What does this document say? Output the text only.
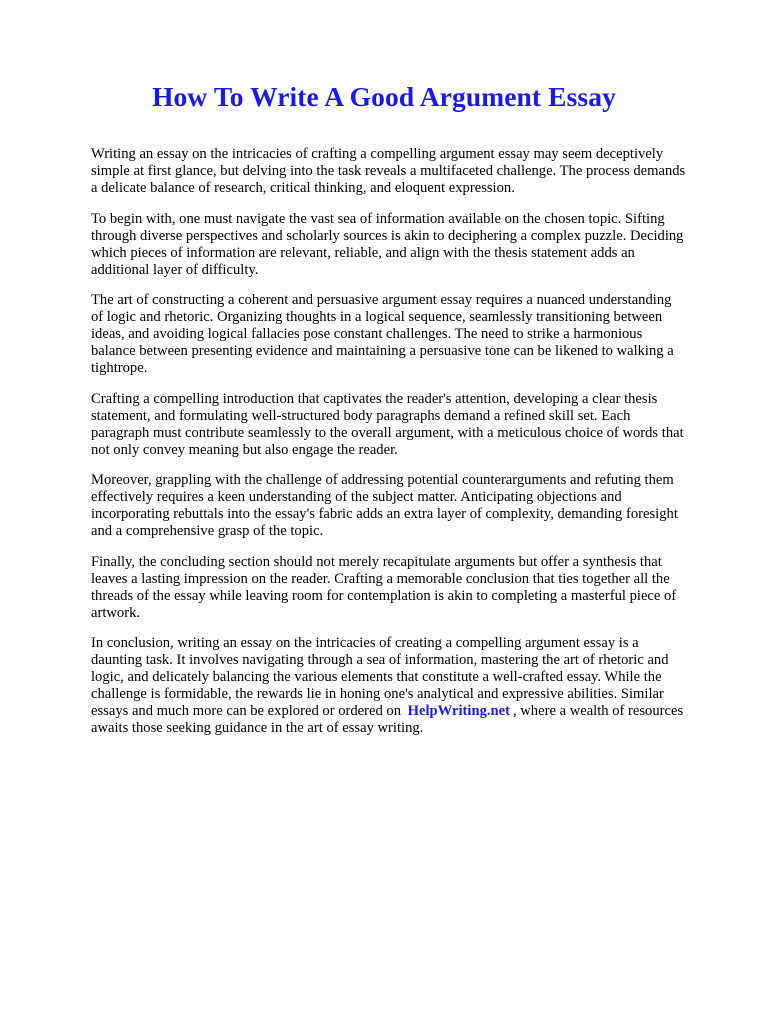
How To Write A Good Argument Essay

Writing an essay on the intricacies of crafting a compelling argument essay may seem deceptively
simple at first glance, but delving into the task reveals a multifaceted challenge. The process demands
a delicate balance of research, critical thinking, and eloquent expression.

To begin with, one must navigate the vast sea of information available on the chosen topic. Sifting
through diverse perspectives and scholarly sources is akin to deciphering a complex puzzle. Deciding
which pieces of information are relevant, reliable, and align with the thesis statement adds an
additional layer of difficulty.

The art of constructing a coherent and persuasive argument essay requires a nuanced understanding
of logic and rhetoric. Organizing thoughts in a logical sequence, seamlessly transitioning between
ideas, and avoiding logical fallacies pose constant challenges. The need to strike a harmonious
balance between presenting evidence and maintaining a persuasive tone can be likened to walking a
tightrope.

Crafting a compelling introduction that captivates the reader's attention, developing a clear thesis
statement, and formulating well-structured body paragraphs demand a refined skill set. Each
paragraph must contribute seamlessly to the overall argument, with a meticulous choice of words that
not only convey meaning but also engage the reader.

Moreover, grappling with the challenge of addressing potential counterarguments and refuting them
effectively requires a keen understanding of the subject matter. Anticipating objections and
incorporating rebuttals into the essay's fabric adds an extra layer of complexity, demanding foresight
and a comprehensive grasp of the topic.

Finally, the concluding section should not merely recapitulate arguments but offer a synthesis that
leaves a lasting impression on the reader. Crafting a memorable conclusion that ties together all the
threads of the essay while leaving room for contemplation is akin to completing a masterful piece of
artwork.

In conclusion, writing an essay on the intricacies of creating a compelling argument essay is a
daunting task. It involves navigating through a sea of information, mastering the art of rhetoric and
logic, and delicately balancing the various elements that constitute a well-crafted essay. While the
challenge is formidable, the rewards lie in honing one's analytical and expressive abilities. Similar
essays and much more can be explored or ordered on HelpWriting.net , where a wealth of resources
awaits those seeking guidance in the art of essay writing.
